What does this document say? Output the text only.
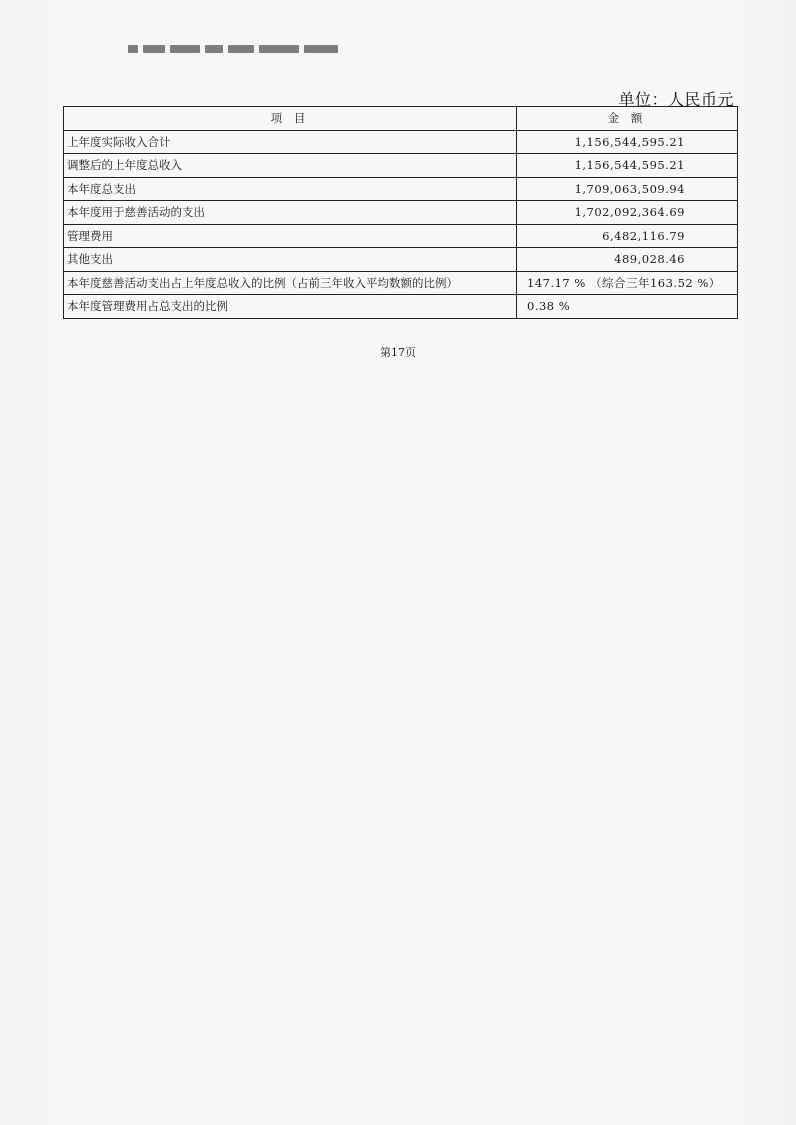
单位：人民币元
项 目	金 额
上年度实际收入合计	1,156,544,595.21
调整后的上年度总收入	1,156,544,595.21
本年度总支出	1,709,063,509.94
本年度用于慈善活动的支出	1,702,092,364.69
管理费用	6,482,116.79
其他支出	489,028.46
本年度慈善活动支出占上年度总收入的比例（占前三年收入平均数额的比例）	147.17 % （综合三年163.52 %）
本年度管理费用占总支出的比例	0.38 %
第17页
